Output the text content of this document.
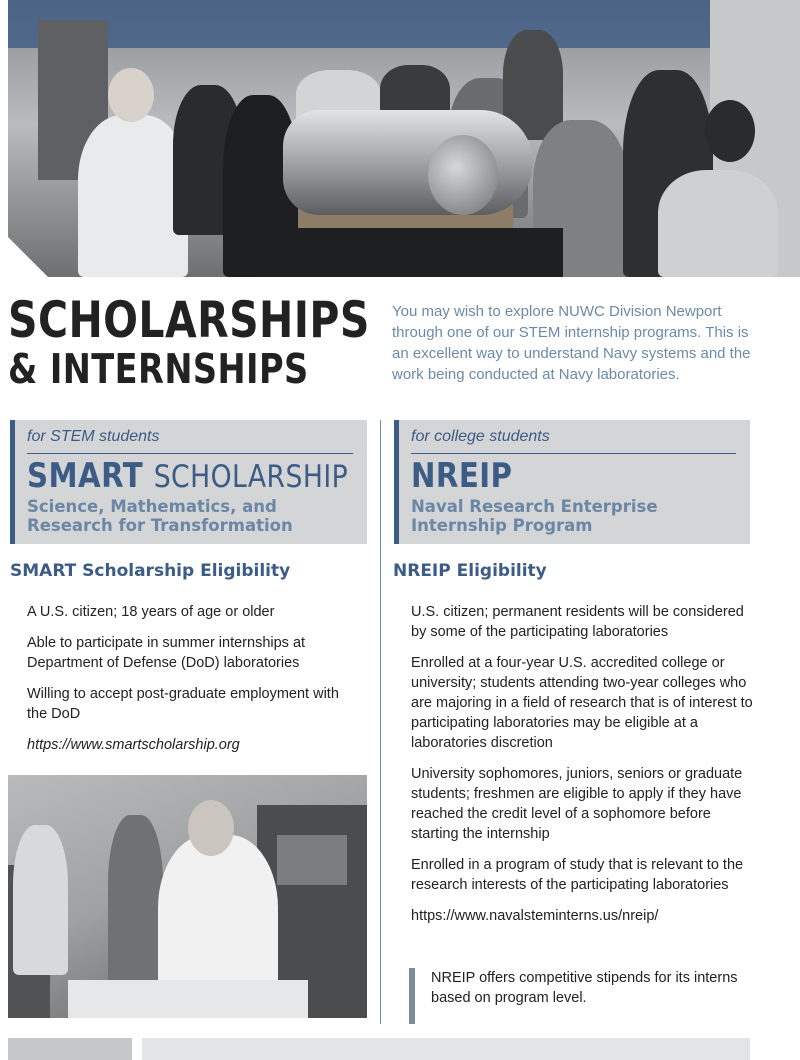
SCHOLARSHIPS
& INTERNSHIPS

You may wish to explore NUWC Division Newport through one of our STEM internship programs. This is an excellent way to understand Navy systems and the work being conducted at Navy laboratories.

for STEM students
SMART SCHOLARSHIP
Science, Mathematics, and
Research for Transformation
for college students
NREIP
Naval Research Enterprise
Internship Program
SMART Scholarship Eligibility	NREIP Eligibility
A U.S. citizen; 18 years of age or older
Able to participate in summer internships at Department of Defense (DoD) laboratories
Willing to accept post-graduate employment with the DoD
https://www.smartscholarship.org
U.S. citizen; permanent residents will be considered by some of the participating laboratories
Enrolled at a four-year U.S. accredited college or university; students attending two-year colleges who are majoring in a field of research that is of interest to participating laboratories may be eligible at a laboratories discretion
University sophomores, juniors, seniors or graduate students; freshmen are eligible to apply if they have reached the credit level of a sophomore before starting the internship
Enrolled in a program of study that is relevant to the research interests of the participating laboratories
https://www.navalsteminterns.us/nreip/
NREIP offers competitive stipends for its interns based on program level.
